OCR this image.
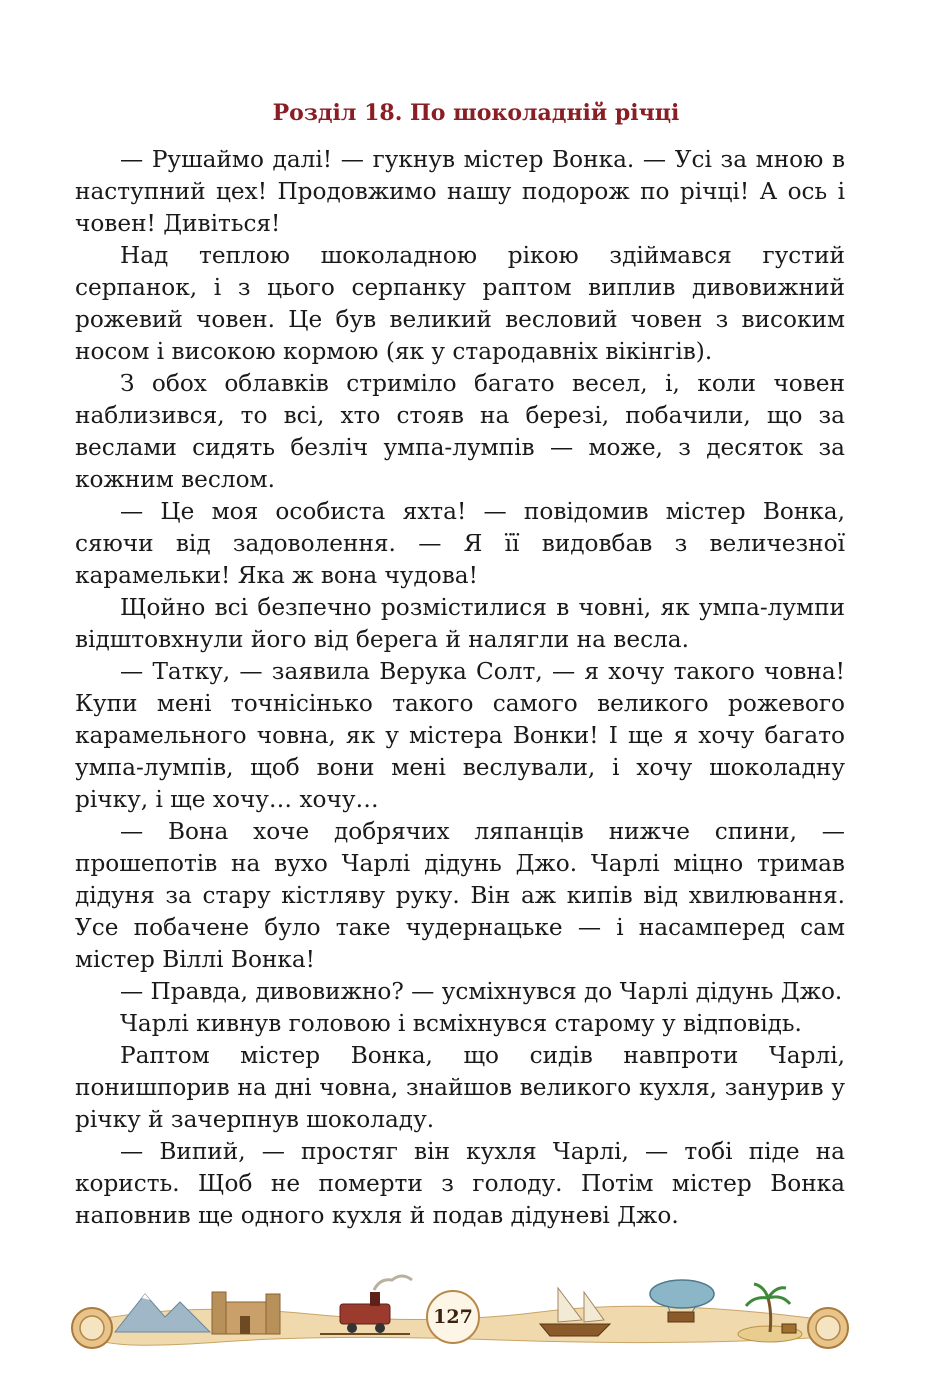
Розділ 18. По шоколадній річці

— Рушаймо далі! — гукнув містер Вонка. — Усі за мною в наступний цех! Продовжимо нашу подорож по річці! А ось і човен! Дивіться!

Над теплою шоколадною рікою здіймався густий серпанок, і з цього серпанку раптом виплив дивовижний рожевий човен. Це був великий весловий човен з високим носом і високою кормою (як у стародавніх вікінгів).

З обох облавків стриміло багато весел, і, коли човен наблизився, то всі, хто стояв на березі, побачили, що за веслами сидять безліч умпа-лумпів — може, з десяток за кожним веслом.

— Це моя особиста яхта! — повідомив містер Вонка, сяючи від задоволення. — Я її видовбав з величезної карамельки! Яка ж вона чудова!

Щойно всі безпечно розмістилися в човні, як умпа-лумпи відштовхнули його від берега й налягли на весла.

— Татку, — заявила Верука Солт, — я хочу такого човна! Купи мені точнісінько такого самого великого рожевого карамельного човна, як у містера Вонки! І ще я хочу багато умпа-лумпів, щоб вони мені веслували, і хочу шоколадну річку, і ще хочу… хочу…

— Вона хоче добрячих ляпанців нижче спини, — прошепотів на вухо Чарлі дідунь Джо. Чарлі міцно тримав дідуня за стару кістляву руку. Він аж кипів від хвилювання. Усе побачене було таке чудернацьке — і насамперед сам містер Віллі Вонка!

— Правда, дивовижно? — усміхнувся до Чарлі дідунь Джо.

Чарлі кивнув головою і всміхнувся старому у відповідь.

Раптом містер Вонка, що сидів навпроти Чарлі, понишпорив на дні човна, знайшов великого кухля, занурив у річку й зачерпнув шоколаду.

— Випий, — простяг він кухля Чарлі, — тобі піде на користь. Щоб не померти з голоду. Потім містер Вонка наповнив ще одного кухля й подав дідуневі Джо.

127
